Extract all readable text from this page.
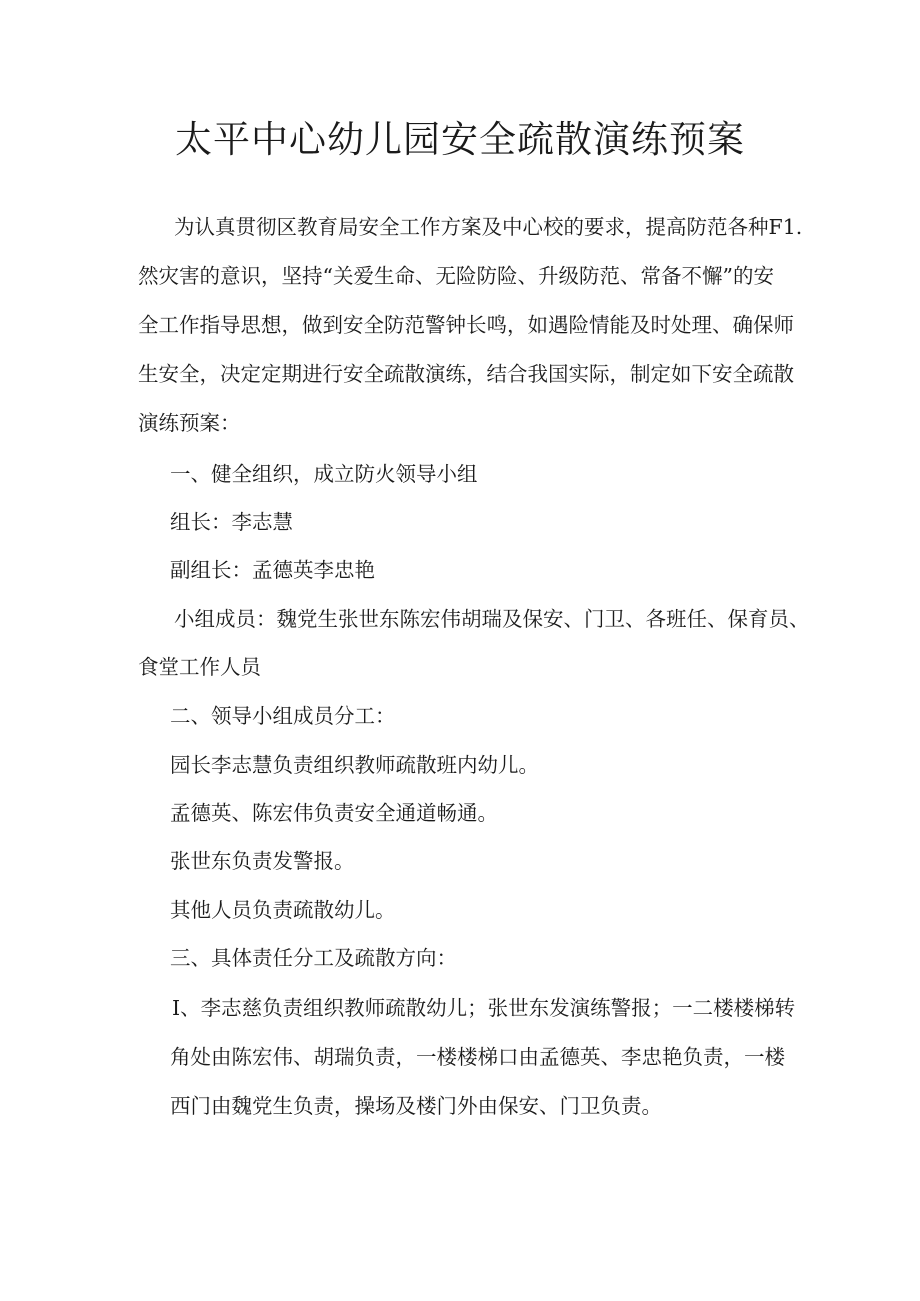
太平中心幼儿园安全疏散演练预案
为认真贯彻区教育局安全工作方案及中心校的要求，提高防范各种F1.
然灾害的意识，坚持“关爱生命、无险防险、升级防范、常备不懈”的安
全工作指导思想，做到安全防范警钟长鸣，如遇险情能及时处理、确保师
生安全，决定定期进行安全疏散演练，结合我国实际，制定如下安全疏散
演练预案：
一、健全组织，成立防火领导小组
组长：李志慧
副组长：孟德英李忠艳
小组成员：魏党生张世东陈宏伟胡瑞及保安、门卫、各班任、保育员、
食堂工作人员
二、领导小组成员分工：
园长李志慧负责组织教师疏散班内幼儿。
孟德英、陈宏伟负责安全通道畅通。
张世东负责发警报。
其他人员负责疏散幼儿。
三、具体责任分工及疏散方向：
I、李志慈负责组织教师疏散幼儿；张世东发演练警报；一二楼楼梯转
角处由陈宏伟、胡瑞负责，一楼楼梯口由孟德英、李忠艳负责，一楼
西门由魏党生负责，操场及楼门外由保安、门卫负责。
